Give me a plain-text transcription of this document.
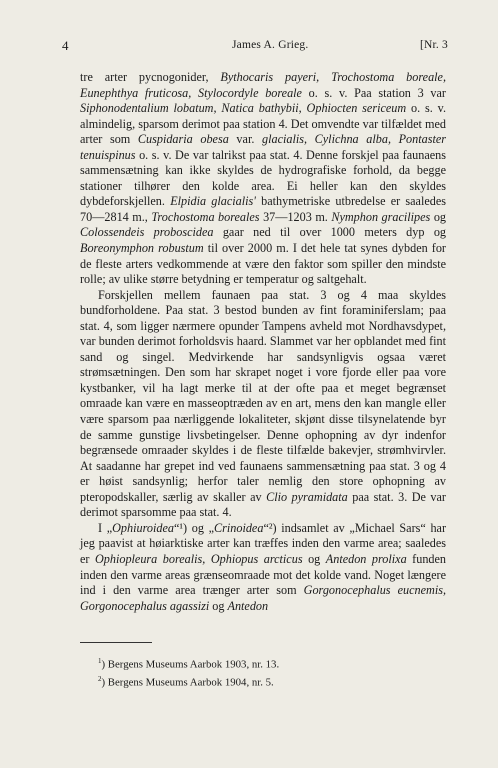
4	James A. Grieg.	[Nr. 3

tre arter pycnogonider, Bythocaris payeri, Trochostoma boreale, Eunephthya fruticosa, Stylocordyle boreale o. s. v. Paa station 3 var Siphonodentalium lobatum, Natica bathybii, Ophiocten sericeum o. s. v. almindelig, sparsom derimot paa station 4. Det omvendte var tilfældet med arter som Cuspidaria obesa var. glacialis, Cylichna alba, Pontaster tenuispinus o. s. v. De var talrikst paa stat. 4. Denne forskjel paa faunaens sammensætning kan ikke skyldes de hydrografiske forhold, da begge stationer tilhører den kolde area. Ei heller kan den skyldes dybdeforskjellen. Elpidia glacialis' bathymetriske utbredelse er saaledes 70—2814 m., Trochostoma boreales 37—1203 m. Nymphon gracilipes og Colossendeis proboscidea gaar ned til over 1000 meters dyp og Boreonymphon robustum til over 2000 m. I det hele tat synes dybden for de fleste arters vedkommende at være den faktor som spiller den mindste rolle; av ulike større betydning er temperatur og saltgehalt.

Forskjellen mellem faunaen paa stat. 3 og 4 maa skyldes bundforholdene. Paa stat. 3 bestod bunden av fint foraminiferslam; paa stat. 4, som ligger nærmere opunder Tampens avheld mot Nordhavsdypet, var bunden derimot forholdsvis haard. Slammet var her opblandet med fint sand og singel. Medvirkende har sandsynligvis ogsaa været strømsætningen. Den som har skrapet noget i vore fjorde eller paa vore kystbanker, vil ha lagt merke til at der ofte paa et meget begrænset omraade kan være en masseoptræden av en art, mens den kan mangle eller være sparsom paa nærliggende lokaliteter, skjønt disse tilsynelatende byr de samme gunstige livsbetingelser. Denne ophopning av dyr indenfor begrænsede omraader skyldes i de fleste tilfælde bakevjer, strømhvirvler. At saadanne har grepet ind ved faunaens sammensætning paa stat. 3 og 4 er høist sandsynlig; herfor taler nemlig den store ophopning av pteropodskaller, særlig av skaller av Clio pyramidata paa stat. 3. De var derimot sparsomme paa stat. 4.

I „Ophiuroidea“¹) og „Crinoidea“²) indsamlet av „Michael Sars“ har jeg paavist at høiarktiske arter kan træffes inden den varme area; saaledes er Ophiopleura borealis, Ophiopus arcticus og Antedon prolixa funden inden den varme areas grænseomraade mot det kolde vand. Noget længere ind i den varme area trænger arter som Gorgonocephalus eucnemis, Gorgonocephalus agassizi og Antedon

$^1$) Bergens Museums Aarbok 1903, nr. 13.

$^2$) Bergens Museums Aarbok 1904, nr. 5.
